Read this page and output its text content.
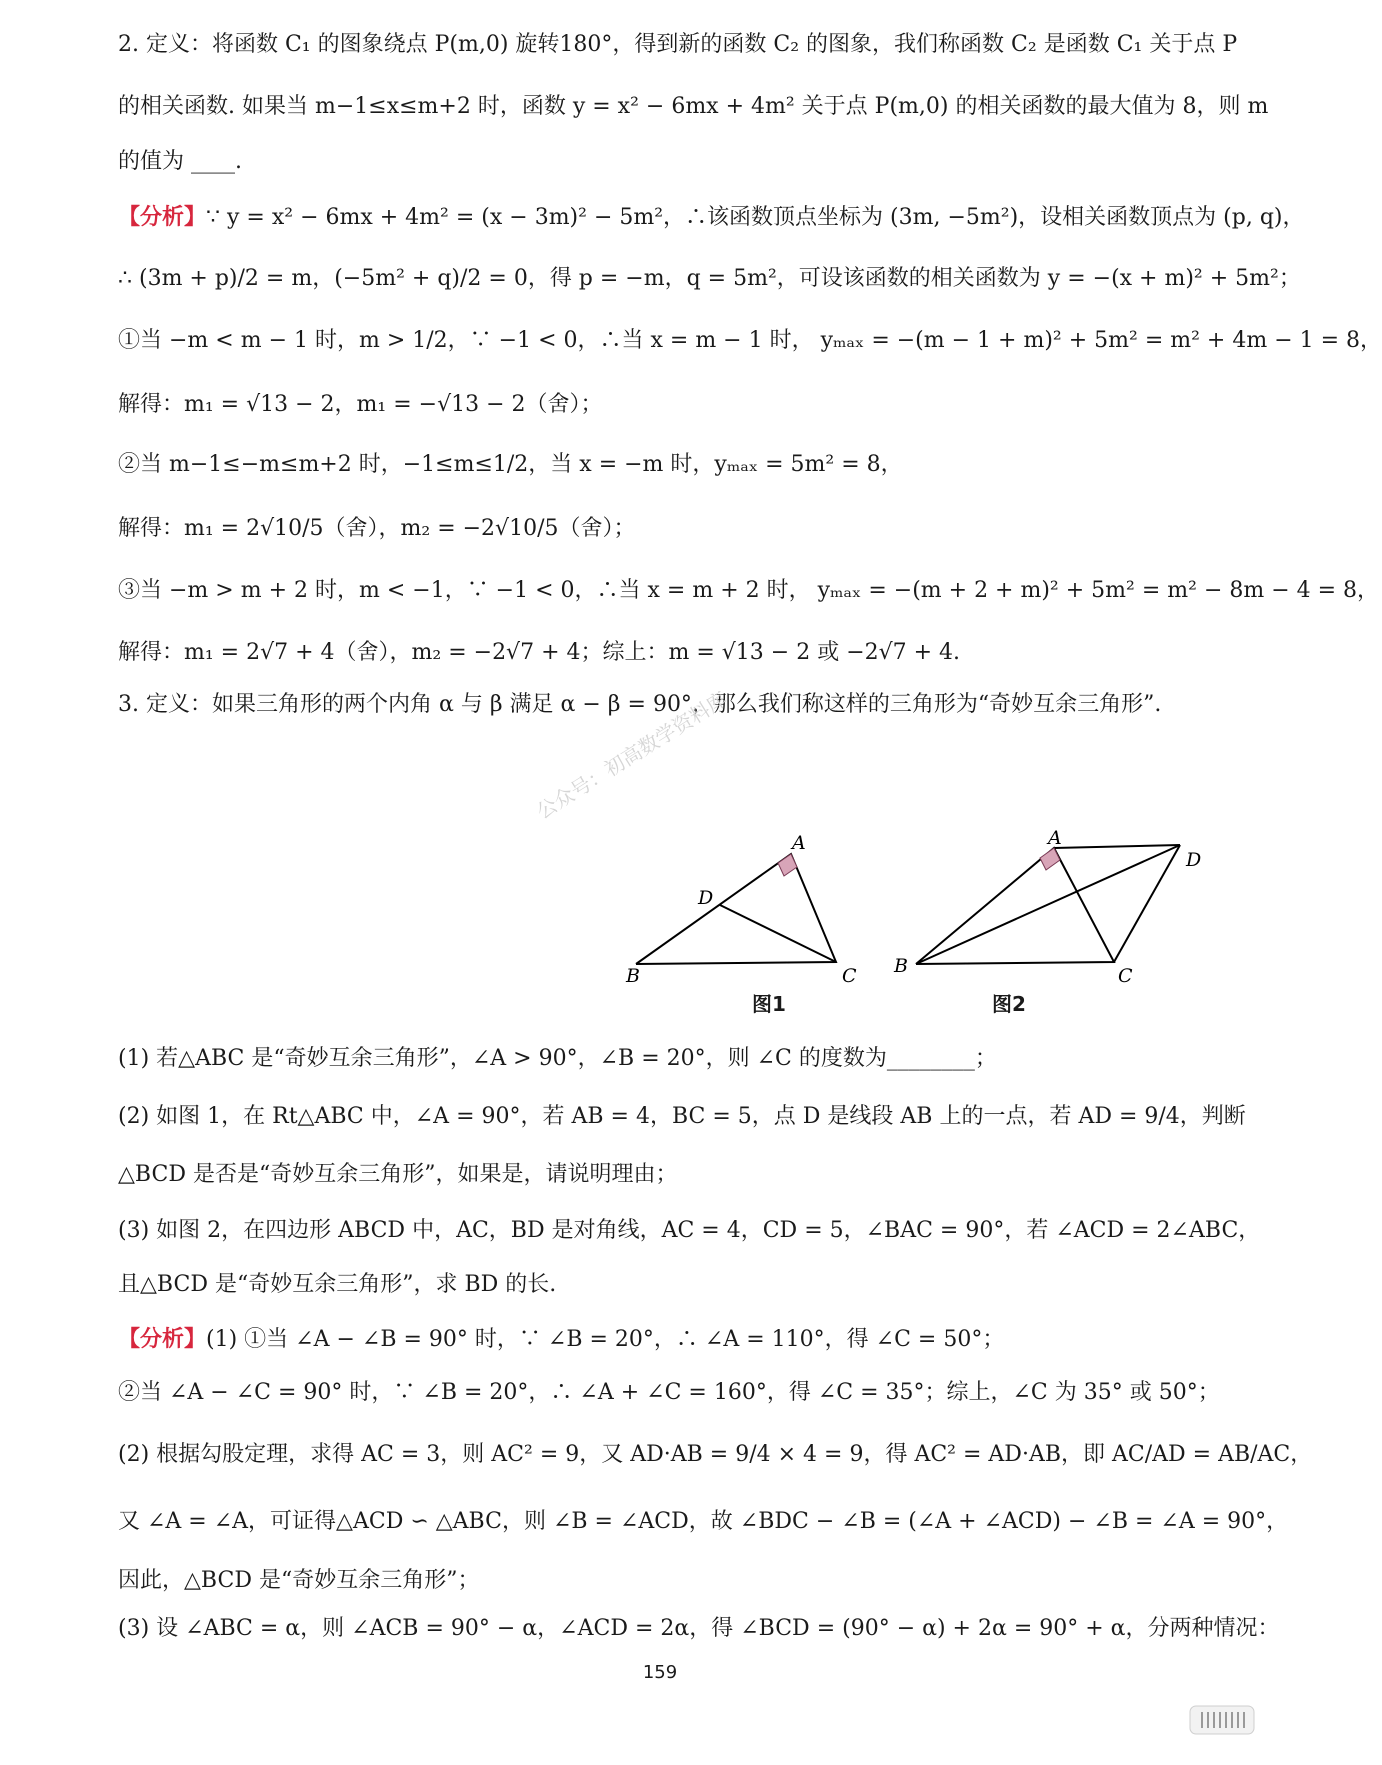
2. 定义：将函数 C₁ 的图象绕点 P(m,0) 旋转180°，得到新的函数 C₂ 的图象，我们称函数 C₂ 是函数 C₁ 关于点 P
的相关函数. 如果当 m−1≤x≤m+2 时，函数 y = x² − 6mx + 4m² 关于点 P(m,0) 的相关函数的最大值为 8，则 m
的值为 ____.
【分析】∵ y = x² − 6mx + 4m² = (x − 3m)² − 5m²，∴该函数顶点坐标为 (3m, −5m²)，设相关函数顶点为 (p, q)，
∴ (3m + p)/2 = m，(−5m² + q)/2 = 0，得 p = −m，q = 5m²，可设该函数的相关函数为 y = −(x + m)² + 5m²；
①当 −m < m − 1 时，m > 1/2，∵ −1 < 0，∴当 x = m − 1 时， yₘₐₓ = −(m − 1 + m)² + 5m² = m² + 4m − 1 = 8，
解得：m₁ = √13 − 2，m₁ = −√13 − 2（舍）；
②当 m−1≤−m≤m+2 时，−1≤m≤1/2，当 x = −m 时，yₘₐₓ = 5m² = 8，
解得：m₁ = 2√10/5（舍），m₂ = −2√10/5（舍）；
③当 −m > m + 2 时，m < −1，∵ −1 < 0，∴当 x = m + 2 时， yₘₐₓ = −(m + 2 + m)² + 5m² = m² − 8m − 4 = 8，
解得：m₁ = 2√7 + 4（舍），m₂ = −2√7 + 4；综上：m = √13 − 2 或 −2√7 + 4.
3. 定义：如果三角形的两个内角 α 与 β 满足 α − β = 90°，那么我们称这样的三角形为“奇妙互余三角形”.
公众号：初高数学资料库
B
A
C
D
图1
B
A
C
D
图2
(1) 若△ABC 是“奇妙互余三角形”，∠A > 90°，∠B = 20°，则 ∠C 的度数为________；
(2) 如图 1，在 Rt△ABC 中，∠A = 90°，若 AB = 4，BC = 5，点 D 是线段 AB 上的一点，若 AD = 9/4，判断
△BCD 是否是“奇妙互余三角形”，如果是，请说明理由；
(3) 如图 2，在四边形 ABCD 中，AC，BD 是对角线，AC = 4，CD = 5，∠BAC = 90°，若 ∠ACD = 2∠ABC，
且△BCD 是“奇妙互余三角形”，求 BD 的长.
【分析】(1) ①当 ∠A − ∠B = 90° 时，∵ ∠B = 20°，∴ ∠A = 110°，得 ∠C = 50°；
②当 ∠A − ∠C = 90° 时，∵ ∠B = 20°，∴ ∠A + ∠C = 160°，得 ∠C = 35°；综上，∠C 为 35° 或 50°；
(2) 根据勾股定理，求得 AC = 3，则 AC² = 9，又 AD·AB = 9/4 × 4 = 9，得 AC² = AD·AB，即 AC/AD = AB/AC，
又 ∠A = ∠A，可证得△ACD ∽ △ABC，则 ∠B = ∠ACD，故 ∠BDC − ∠B = (∠A + ∠ACD) − ∠B = ∠A = 90°，
因此，△BCD 是“奇妙互余三角形”；
(3) 设 ∠ABC = α，则 ∠ACB = 90° − α，∠ACD = 2α，得 ∠BCD = (90° − α) + 2α = 90° + α，分两种情况：
159
